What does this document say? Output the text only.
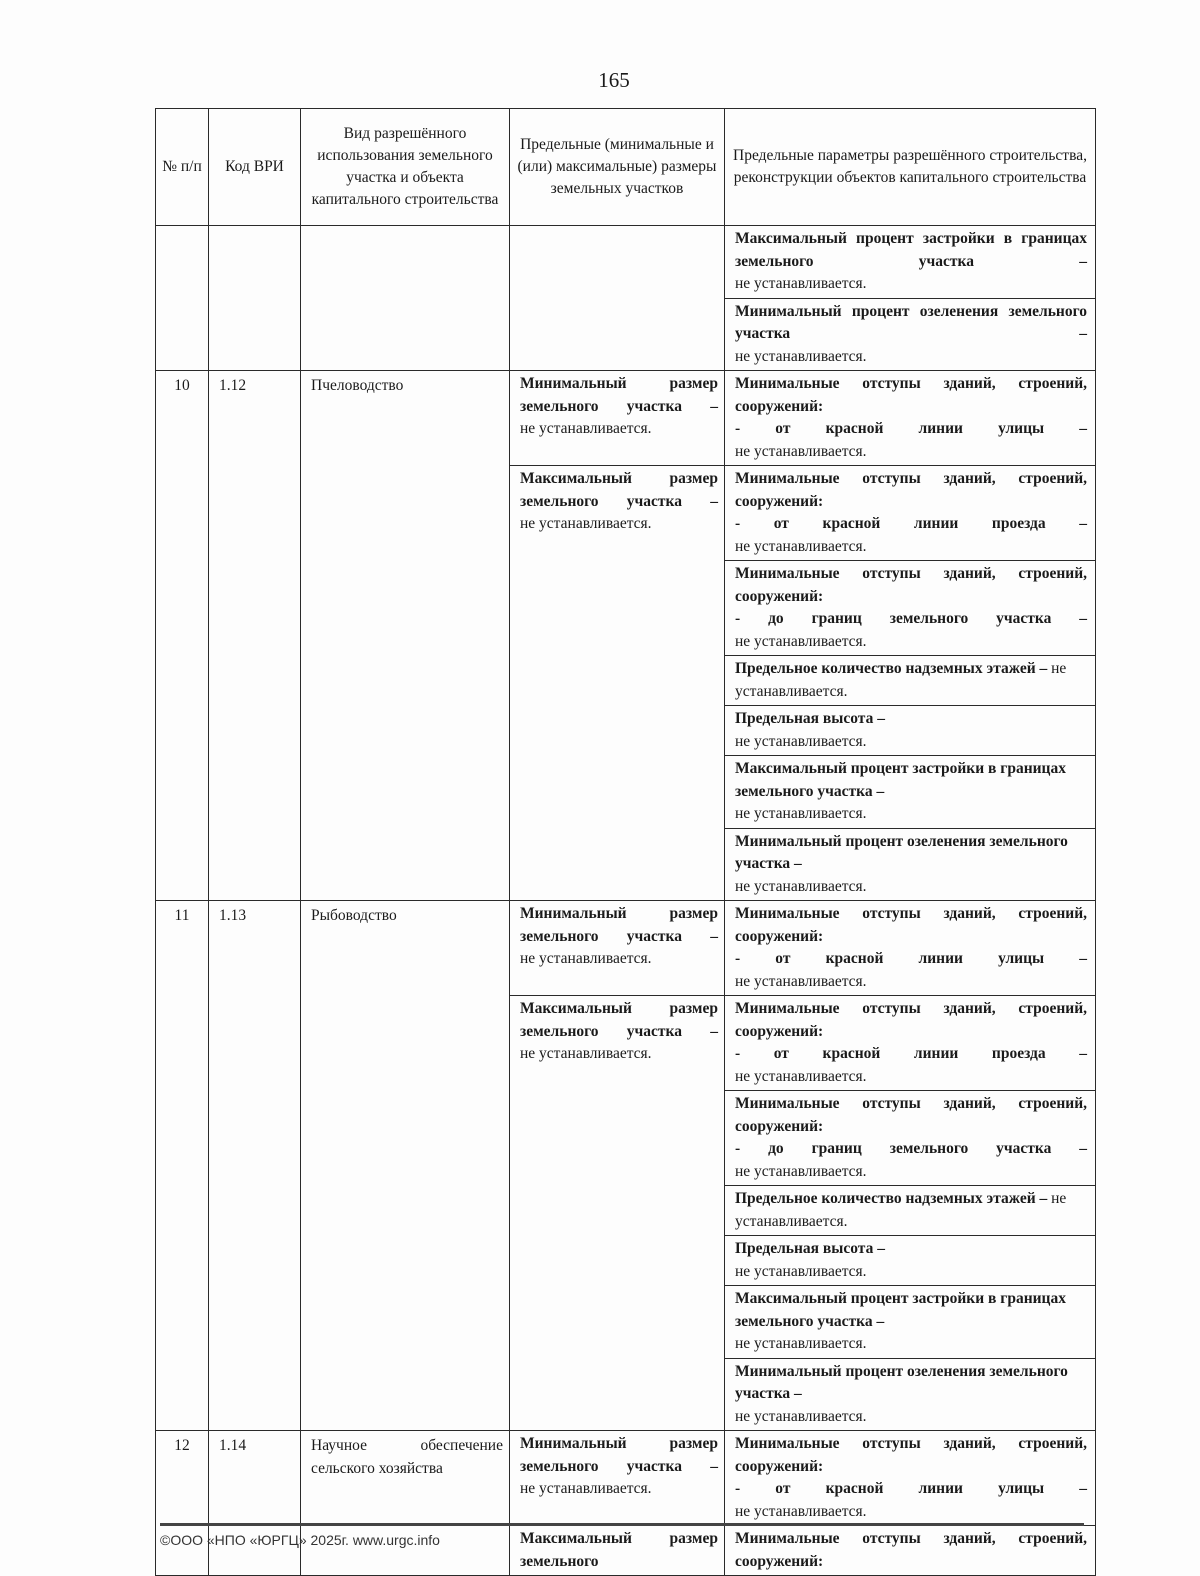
165
№ п/п	Код ВРИ	Вид разрешённого использования земельного участка и объекта капитального строительства	Предельные (минимальные и (или) максимальные) размеры земельных участков	Предельные параметры разрешённого строительства, реконструкции объектов капитального строительства

				Максимальный процент застройки в границах земельного участка –
не устанавливается.

				Минимальный процент озеленения земельного участка –
не устанавливается.
10	1.12	Пчеловодство	Минимальный размер земельного участка –
не устанавливается.	Минимальные отступы зданий, строений, сооружений:
- от красной линии улицы –
не устанавливается.

			Максимальный размер земельного участка –
не устанавливается.	Минимальные отступы зданий, строений, сооружений:
- от красной линии проезда –
не устанавливается.

				Минимальные отступы зданий, строений, сооружений:
- до границ земельного участка –
не устанавливается.
				Предельное количество надземных этажей – не устанавливается.
				Предельная высота –
не устанавливается.
				Максимальный процент застройки в границах земельного участка –
не устанавливается.
				Минимальный процент озеленения земельного участка –
не устанавливается.
11	1.13	Рыбоводство	Минимальный размер земельного участка –
не устанавливается.	Минимальные отступы зданий, строений, сооружений:
- от красной линии улицы –
не устанавливается.

			Максимальный размер земельного участка –
не устанавливается.	Минимальные отступы зданий, строений, сооружений:
- от красной линии проезда –
не устанавливается.

				Минимальные отступы зданий, строений, сооружений:
- до границ земельного участка –
не устанавливается.
				Предельное количество надземных этажей – не устанавливается.
				Предельная высота –
не устанавливается.
				Максимальный процент застройки в границах земельного участка –
не устанавливается.
				Минимальный процент озеленения земельного участка –
не устанавливается.
12	1.14	Научное обеспечение сельского хозяйства	Минимальный размер земельного участка –
не устанавливается.	Минимальные отступы зданий, строений, сооружений:
- от красной линии улицы –
не устанавливается.

			Максимальный размер земельного	Минимальные отступы зданий, строений, сооружений:
©ООО «НПО «ЮРГЦ» 2025г. www.urgc.info
